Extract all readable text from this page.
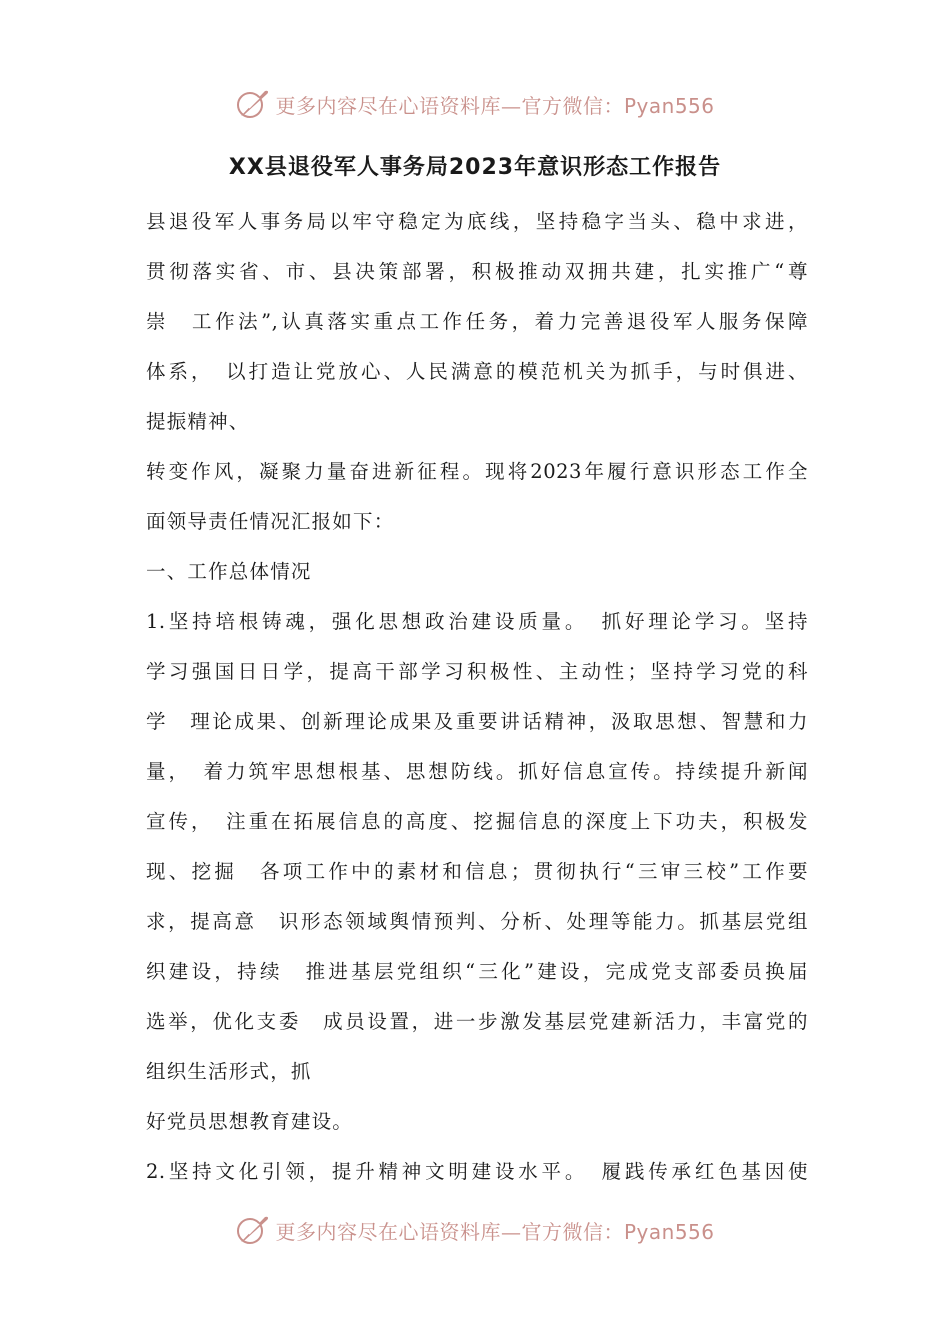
更多内容尽在心语资料库—官方微信：Pyan556
XX县退役军人事务局2023年意识形态工作报告
县退役军人事务局以牢守稳定为底线，坚持稳字当头、稳中求进，
贯彻落实省、市、县决策部署，积极推动双拥共建，扎实推广“尊
崇　工作法”,认真落实重点工作任务，着力完善退役军人服务保障
体系，　以打造让党放心、人民满意的模范机关为抓手，与时俱进、
提振精神、
转变作风，凝聚力量奋进新征程。现将2023年履行意识形态工作全
面领导责任情况汇报如下：
一、工作总体情况
1.坚持培根铸魂，强化思想政治建设质量。　抓好理论学习。坚持
学习强国日日学，提高干部学习积极性、主动性；坚持学习党的科
学　理论成果、创新理论成果及重要讲话精神，汲取思想、智慧和力
量，　着力筑牢思想根基、思想防线。抓好信息宣传。持续提升新闻
宣传，　注重在拓展信息的高度、挖掘信息的深度上下功夫，积极发
现、挖掘　各项工作中的素材和信息；贯彻执行“三审三校”工作要
求，提高意　识形态领域舆情预判、分析、处理等能力。抓基层党组
织建设，持续　推进基层党组织“三化”建设，完成党支部委员换届
选举，优化支委　成员设置，进一步激发基层党建新活力，丰富党的
组织生活形式，抓
好党员思想教育建设。
2.坚持文化引领，提升精神文明建设水平。　履践传承红色基因使
更多内容尽在心语资料库—官方微信：Pyan556
